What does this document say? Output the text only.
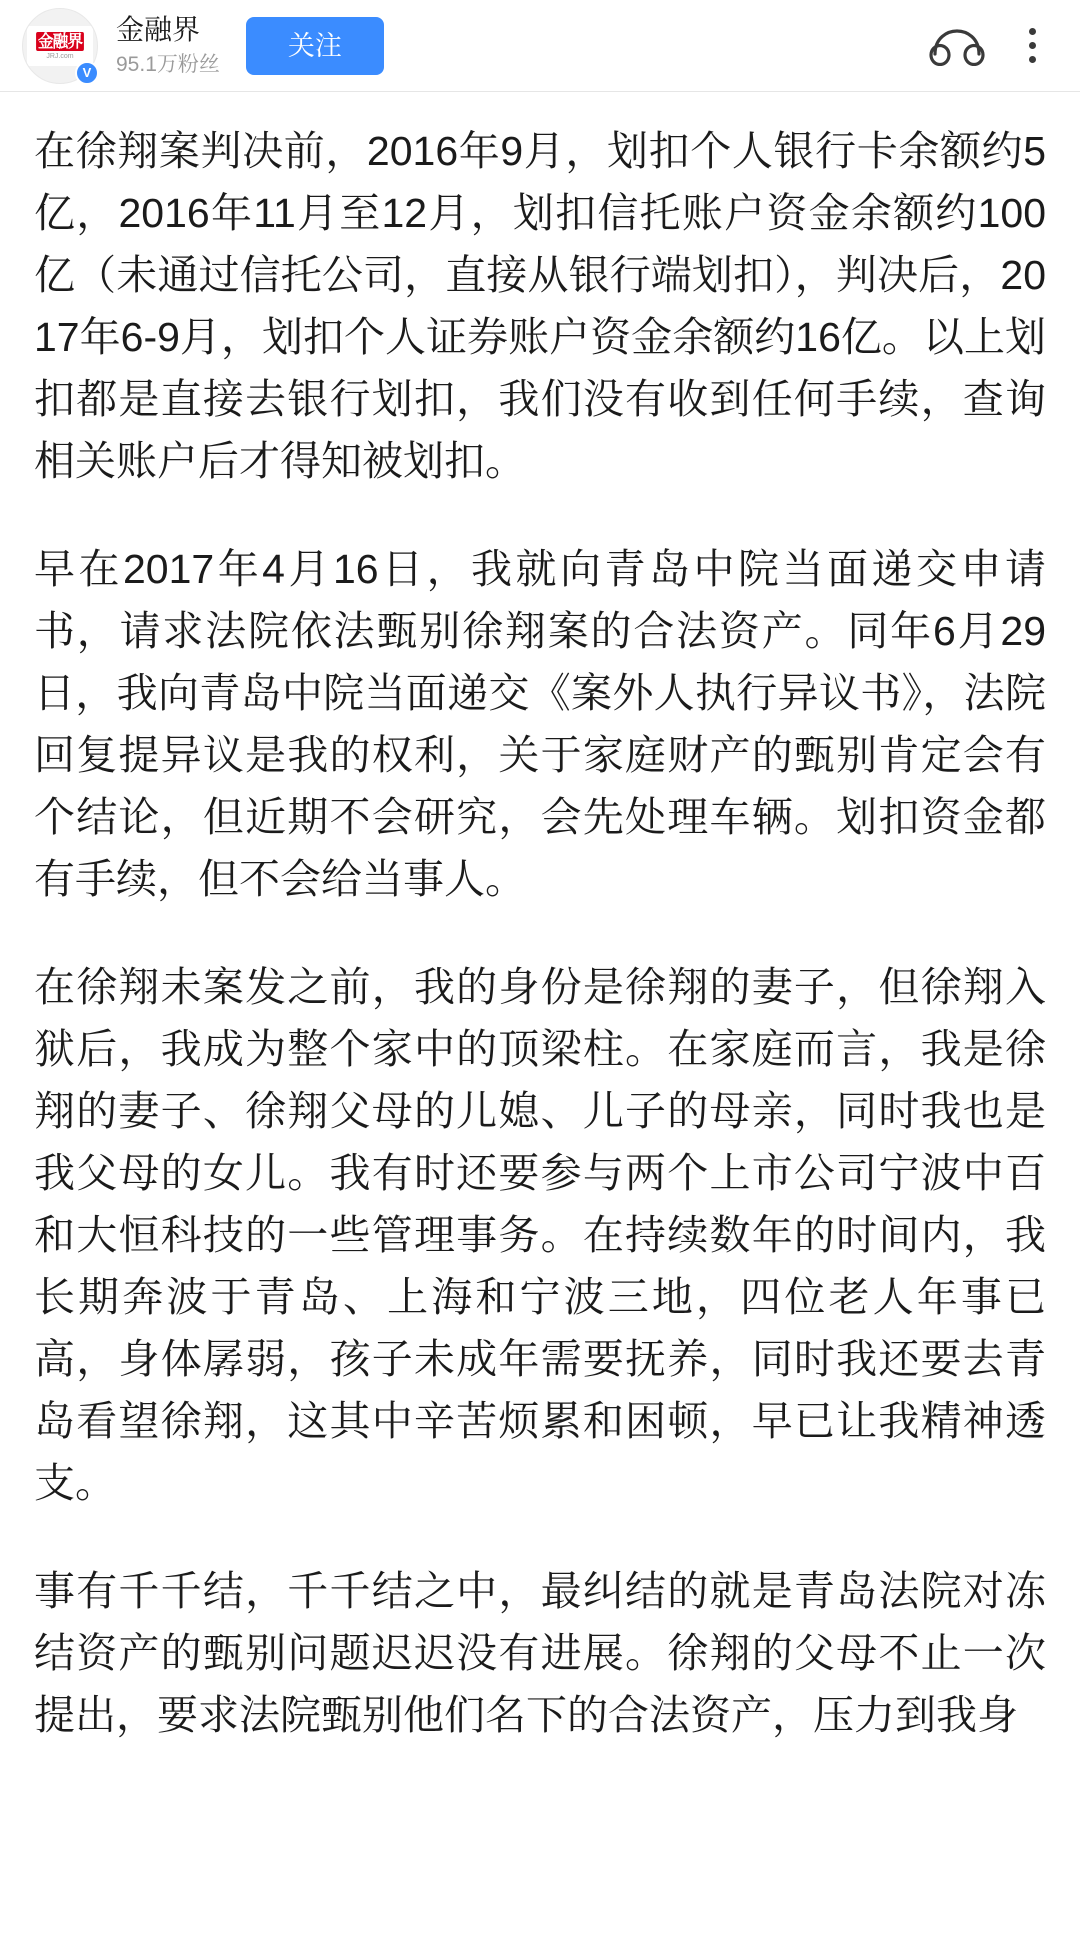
金融界
JRJ.com
V
金融界
95.1万粉丝
关注

在徐翔案判决前，2016年9月，划扣个人银行卡余额约5亿，2016年11月至12月，划扣信托账户资金余额约100亿（未通过信托公司，直接从银行端划扣），判决后，2017年6-9月，划扣个人证券账户资金余额约16亿。以上划扣都是直接去银行划扣，我们没有收到任何手续，查询相关账户后才得知被划扣。

早在2017年4月16日，我就向青岛中院当面递交申请书，请求法院依法甄别徐翔案的合法资产。同年6月29日，我向青岛中院当面递交《案外人执行异议书》，法院回复提异议是我的权利，关于家庭财产的甄别肯定会有个结论，但近期不会研究，会先处理车辆。划扣资金都有手续，但不会给当事人。

在徐翔未案发之前，我的身份是徐翔的妻子，但徐翔入狱后，我成为整个家中的顶梁柱。在家庭而言，我是徐翔的妻子、徐翔父母的儿媳、儿子的母亲，同时我也是我父母的女儿。我有时还要参与两个上市公司宁波中百和大恒科技的一些管理事务。在持续数年的时间内，我长期奔波于青岛、上海和宁波三地，四位老人年事已高，身体孱弱，孩子未成年需要抚养，同时我还要去青岛看望徐翔，这其中辛苦烦累和困顿，早已让我精神透支。

事有千千结，千千结之中，最纠结的就是青岛法院对冻结资产的甄别问题迟迟没有进展。徐翔的父母不止一次提出，要求法院甄别他们名下的合法资产，压力到我身
